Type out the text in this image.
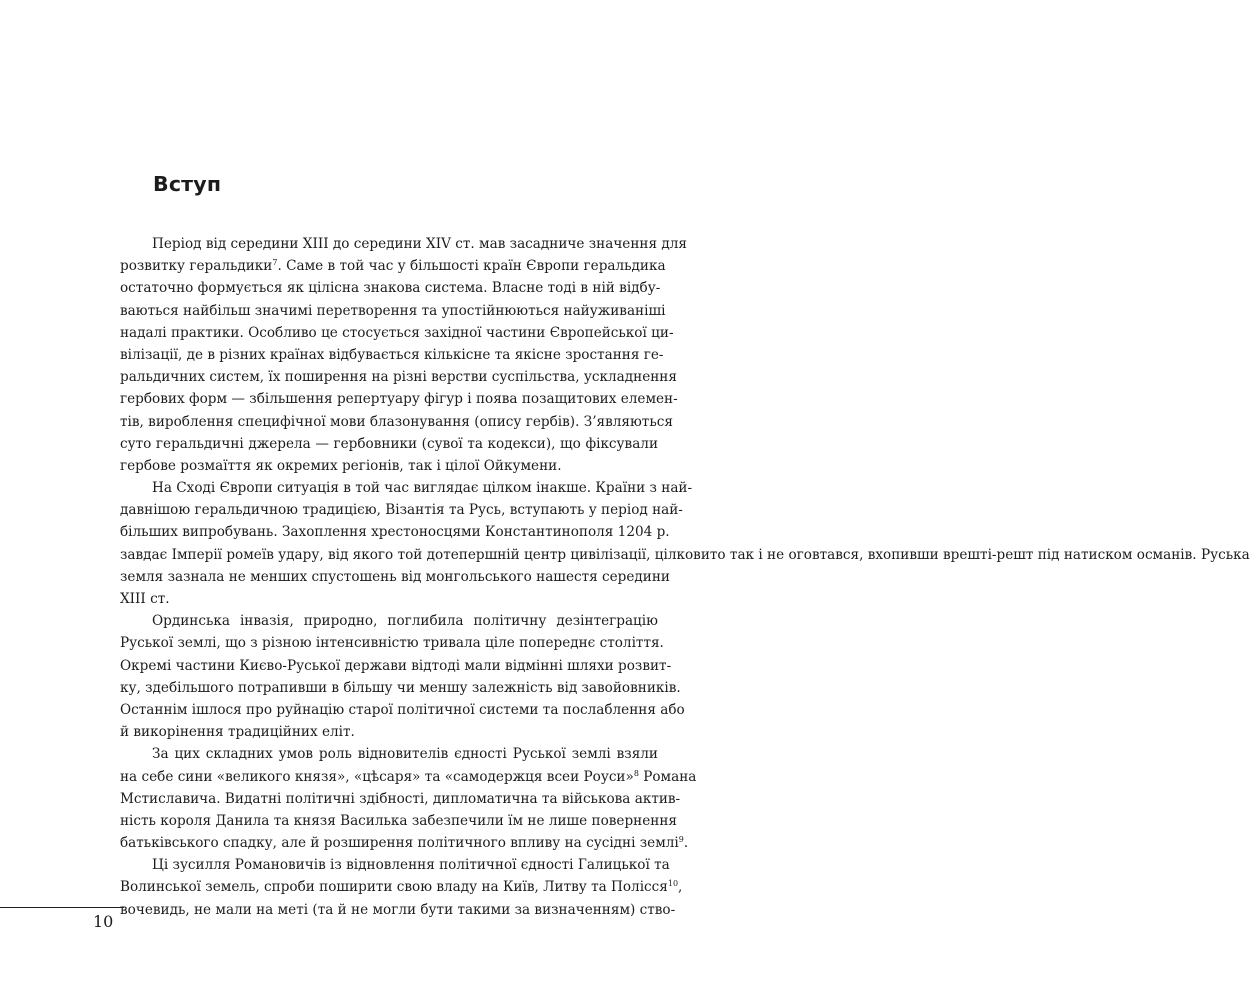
Вступ
Період від середини XIII до середини XIV ст. мав засадниче значення для
розвитку геральдики$^7$. Саме в той час у більшості країн Європи геральдика
остаточно формується як цілісна знакова система. Власне тоді в ній відбу-
ваються найбільш значимі перетворення та упостійнюються найуживаніші
надалі практики. Особливо це стосується західної частини Європейської ци-
вілізації, де в різних країнах відбувається кількісне та якісне зростання ге-
ральдичних систем, їх поширення на різні верстви суспільства, ускладнення
гербових форм — збільшення репертуару фігур і поява позащитових елемен-
тів, вироблення специфічної мови блазонування (опису гербів). З’являються
суто геральдичні джерела — гербовники (сувої та кодекси), що фіксували
гербове розмаїття як окремих регіонів, так і цілої Ойкумени.
На Сході Європи ситуація в той час виглядає цілком інакше. Країни з най-
давнішою геральдичною традицією, Візантія та Русь, вступають у період най-
більших випробувань. Захоплення хрестоносцями Константинополя 1204 р.
завдає Імперії ромеїв удару, від якого той дотепершній центр цивілізації, цілковито так і не оговтався, вхопивши врешті-решт під натиском османів. Руська
земля зазнала не менших спустошень від монгольського нашестя середини
XIII ст.
Ординська інвазія, природно, поглибила політичну дезінтеграцію
Руської землі, що з різною інтенсивністю тривала ціле попереднє століття.
Окремі частини Києво-Руської держави відтоді мали відмінні шляхи розвит-
ку, здебільшого потрапивши в більшу чи меншу залежність від завойовників.
Останнім ішлося про руйнацію старої політичної системи та послаблення або
й викорінення традиційних еліт.
За цих складних умов роль відновителів єдності Руської землі взяли
на себе сини «великого князя», «цѣсаря» та «самодержця всеи Роуси»$^8$ Романа
Мстиславича. Видатні політичні здібності, дипломатична та військова актив-
ність короля Данила та князя Василька забезпечили їм не лише повернення
батьківського спадку, але й розширення політичного впливу на сусідні землі$^9$.
Ці зусилля Романовичів із відновлення політичної єдності Галицької та
Волинської земель, спроби поширити свою владу на Київ, Литву та Полісся$^{10}$,
вочевидь, не мали на меті (та й не могли бути такими за визначенням) ство-
10
